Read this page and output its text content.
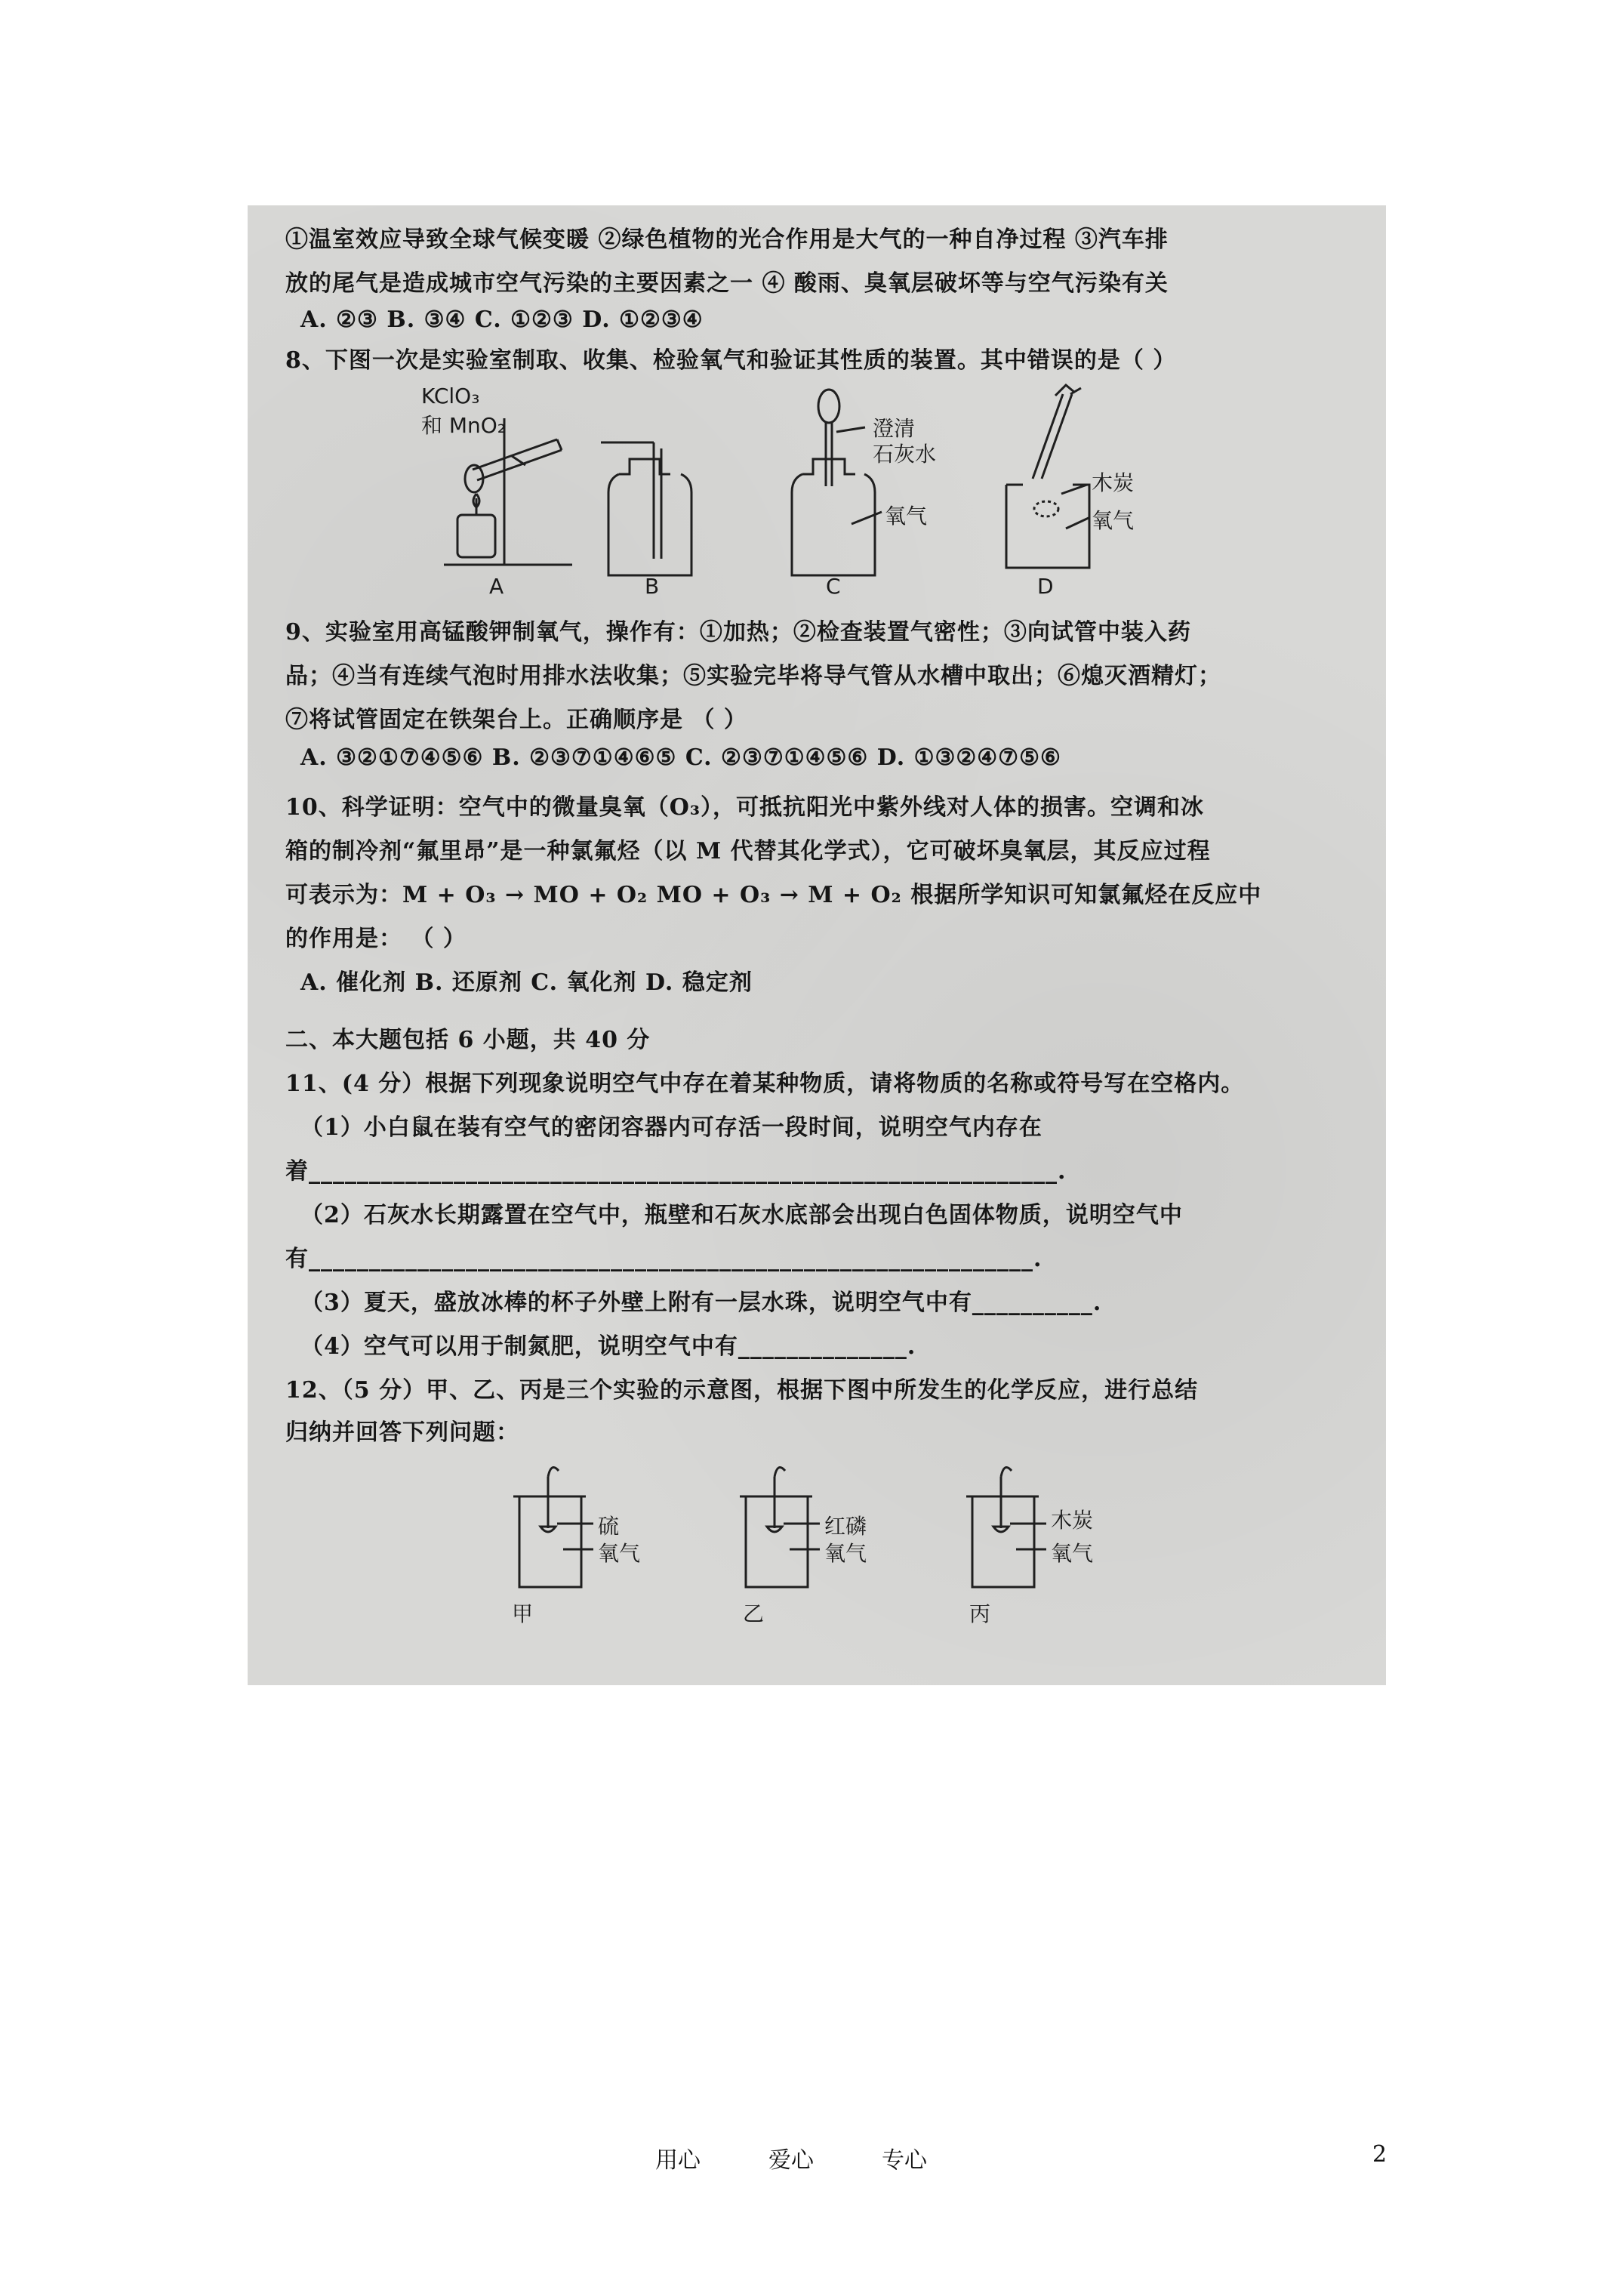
①温室效应导致全球气候变暖 ②绿色植物的光合作用是大气的一种自净过程 ③汽车排
放的尾气是造成城市空气污染的主要因素之一 ④ 酸雨、臭氧层破坏等与空气污染有关
A. ②③ B. ③④ C. ①②③ D. ①②③④
8、下图一次是实验室制取、收集、检验氧气和验证其性质的装置。其中错误的是（ ）
KClO₃
和 MnO₂	澄清
石灰水
氧气
木炭
氧气
A	B	C	D
9、实验室用高锰酸钾制氧气，操作有：①加热；②检查装置气密性；③向试管中装入药
品；④当有连续气泡时用排水法收集；⑤实验完毕将导气管从水槽中取出；⑥熄灭酒精灯；
⑦将试管固定在铁架台上。正确顺序是 （ ）
A. ③②①⑦④⑤⑥ B. ②③⑦①④⑥⑤ C. ②③⑦①④⑤⑥ D. ①③②④⑦⑤⑥
10、科学证明：空气中的微量臭氧（O₃），可抵抗阳光中紫外线对人体的损害。空调和冰
箱的制冷剂“氟里昂”是一种氯氟烃（以 M 代替其化学式），它可破坏臭氧层，其反应过程
可表示为：M + O₃ → MO + O₂ MO + O₃ → M + O₂ 根据所学知识可知氯氟烃在反应中
的作用是： （ ）
A. 催化剂 B. 还原剂 C. 氧化剂 D. 稳定剂
二、本大题包括 6 小题，共 40 分
11、(4 分）根据下列现象说明空气中存在着某种物质，请将物质的名称或符号写在空格内。
（1）小白鼠在装有空气的密闭容器内可存活一段时间，说明空气内存在
着______________________________________________________________.
（2）石灰水长期露置在空气中，瓶壁和石灰水底部会出现白色固体物质，说明空气中
有____________________________________________________________.
（3）夏天，盛放冰棒的杯子外壁上附有一层水珠，说明空气中有__________.
（4）空气可以用于制氮肥，说明空气中有______________.
12、（5 分）甲、乙、丙是三个实验的示意图，根据下图中所发生的化学反应，进行总结
归纳并回答下列问题：
硫
氧气
甲
红磷
氧气
乙
木炭
氧气
丙
用心	爱心	专心	2
